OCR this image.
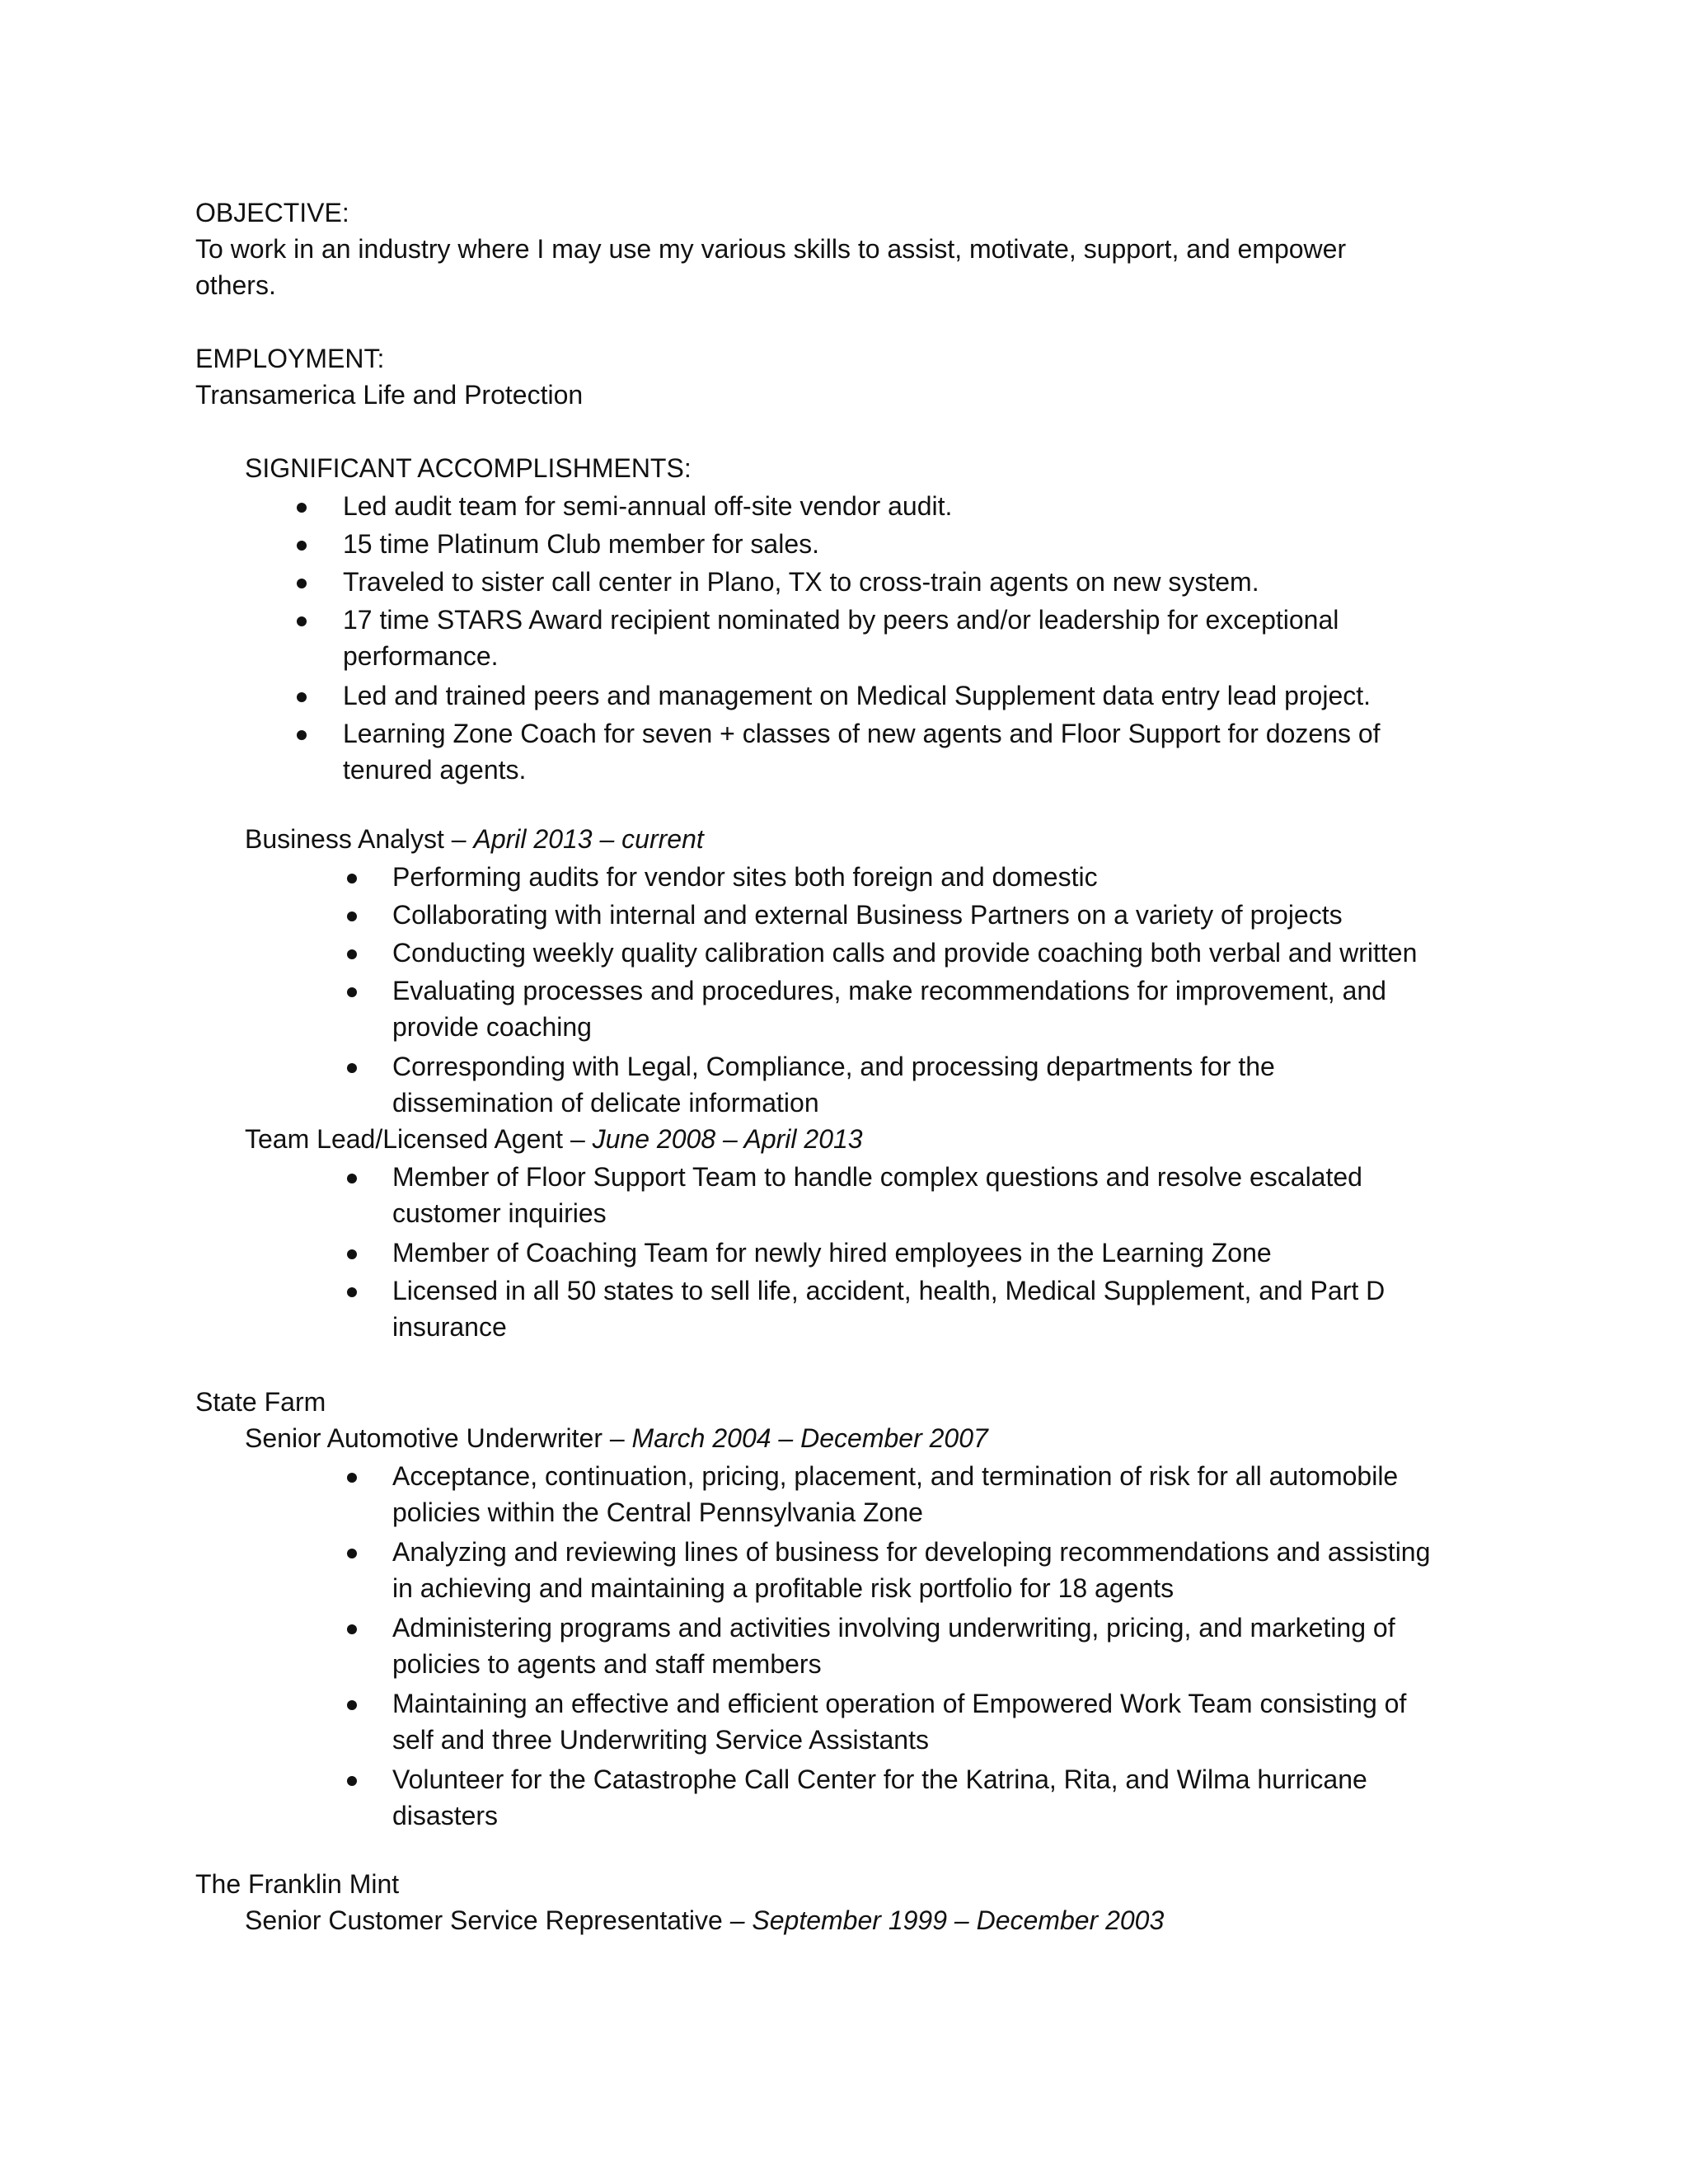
OBJECTIVE:
To work in an industry where I may use my various skills to assist, motivate, support, and empower
others.
EMPLOYMENT:
Transamerica Life and Protection
SIGNIFICANT ACCOMPLISHMENTS:
Led audit team for semi-annual off-site vendor audit.
15 time Platinum Club member for sales.
Traveled to sister call center in Plano, TX to cross-train agents on new system.
17 time STARS Award recipient nominated by peers and/or leadership for exceptional
performance.
Led and trained peers and management on Medical Supplement data entry lead project.
Learning Zone Coach for seven + classes of new agents and Floor Support for dozens of
tenured agents.
Business Analyst – April 2013 – current
Performing audits for vendor sites both foreign and domestic
Collaborating with internal and external Business Partners on a variety of projects
Conducting weekly quality calibration calls and provide coaching both verbal and written
Evaluating processes and procedures, make recommendations for improvement, and
provide coaching
Corresponding with Legal, Compliance, and processing departments for the
dissemination of delicate information
Team Lead/Licensed Agent – June 2008 – April 2013
Member of Floor Support Team to handle complex questions and resolve escalated
customer inquiries
Member of Coaching Team for newly hired employees in the Learning Zone
Licensed in all 50 states to sell life, accident, health, Medical Supplement, and Part D
insurance
State Farm
Senior Automotive Underwriter – March 2004 – December 2007
Acceptance, continuation, pricing, placement, and termination of risk for all automobile
policies within the Central Pennsylvania Zone
Analyzing and reviewing lines of business for developing recommendations and assisting
in achieving and maintaining a profitable risk portfolio for 18 agents
Administering programs and activities involving underwriting, pricing, and marketing of
policies to agents and staff members
Maintaining an effective and efficient operation of Empowered Work Team consisting of
self and three Underwriting Service Assistants
Volunteer for the Catastrophe Call Center for the Katrina, Rita, and Wilma hurricane
disasters
The Franklin Mint
Senior Customer Service Representative – September 1999 – December 2003
